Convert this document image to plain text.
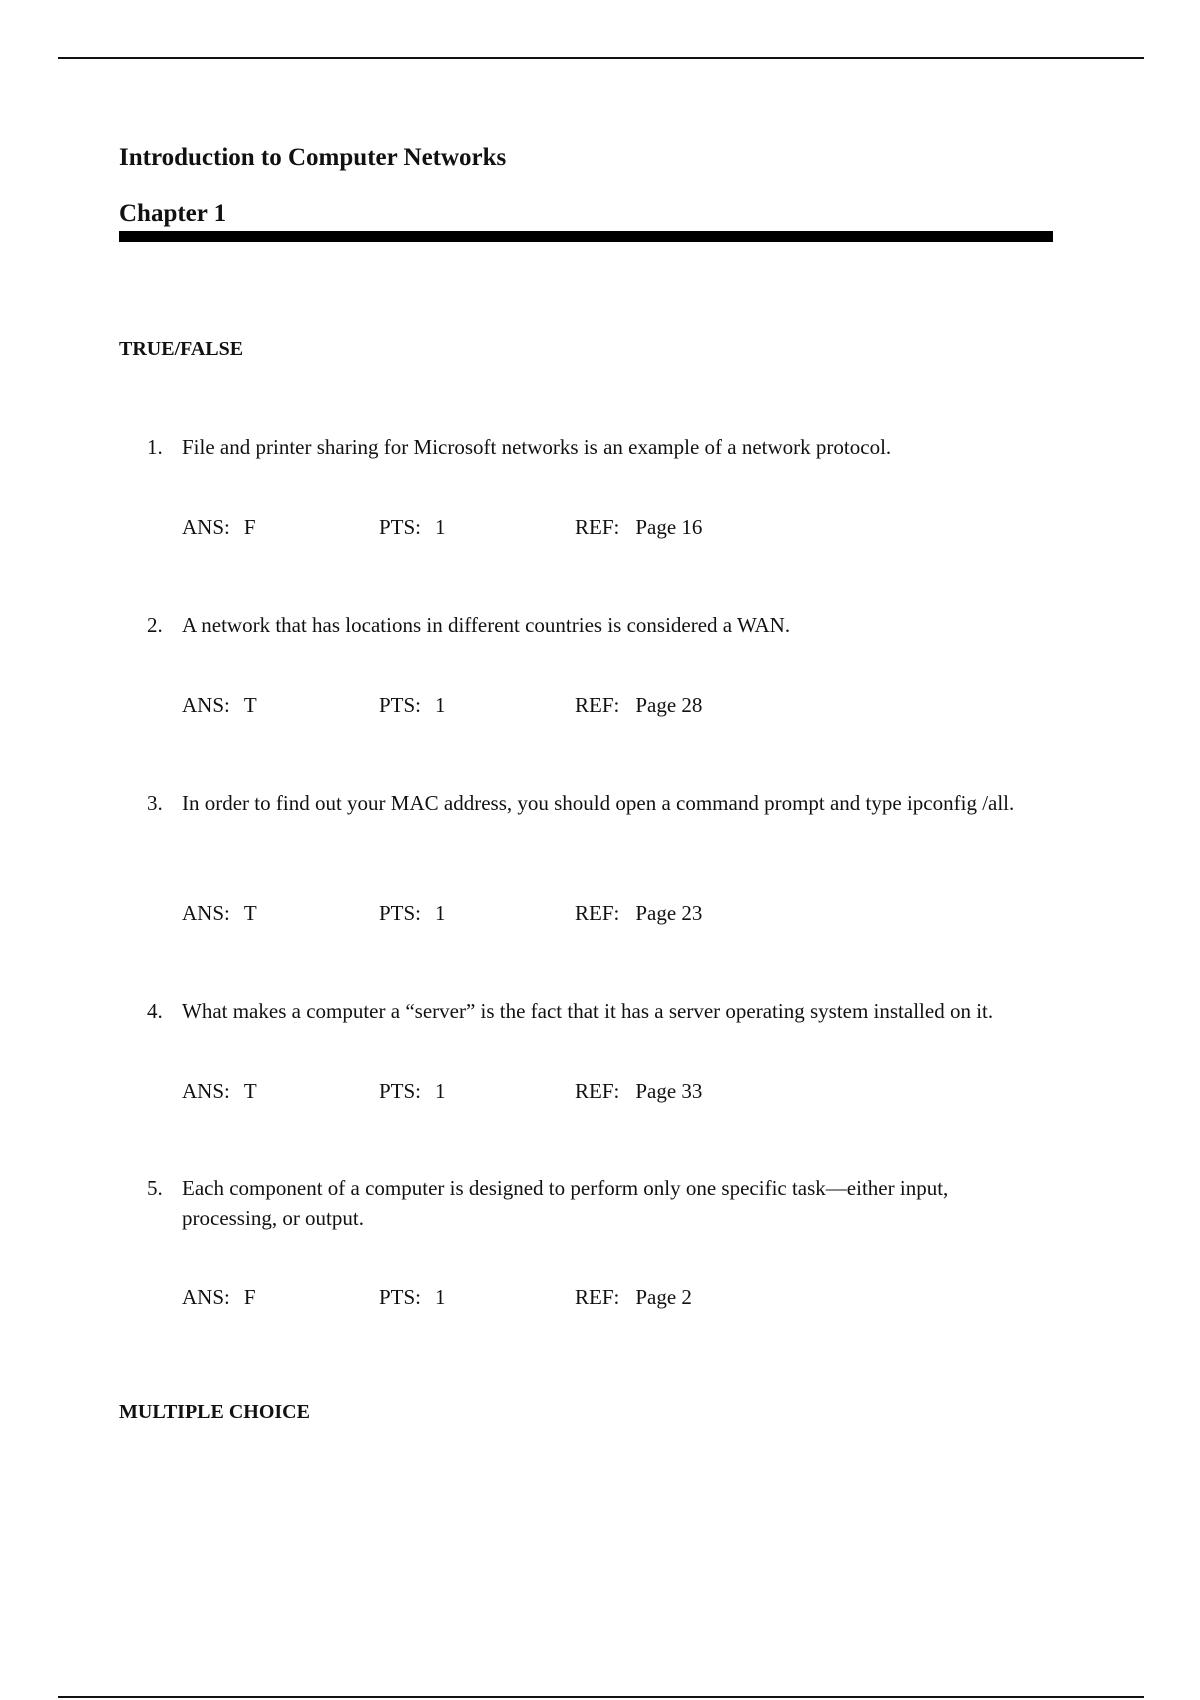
Introduction to Computer Networks
Chapter 1
TRUE/FALSE
1. File and printer sharing for Microsoft networks is an example of a network protocol.
ANS: F	PTS: 1	REF: Page 16
2. A network that has locations in different countries is considered a WAN.
ANS: T	PTS: 1	REF: Page 28
3. In order to find out your MAC address, you should open a command prompt and type ipconfig /all.
ANS: T	PTS: 1	REF: Page 23
4. What makes a computer a “server” is the fact that it has a server operating system installed on it.
ANS: T	PTS: 1	REF: Page 33
5. Each component of a computer is designed to perform only one specific task—either input, processing, or output.
ANS: F	PTS: 1	REF: Page 2
MULTIPLE CHOICE
